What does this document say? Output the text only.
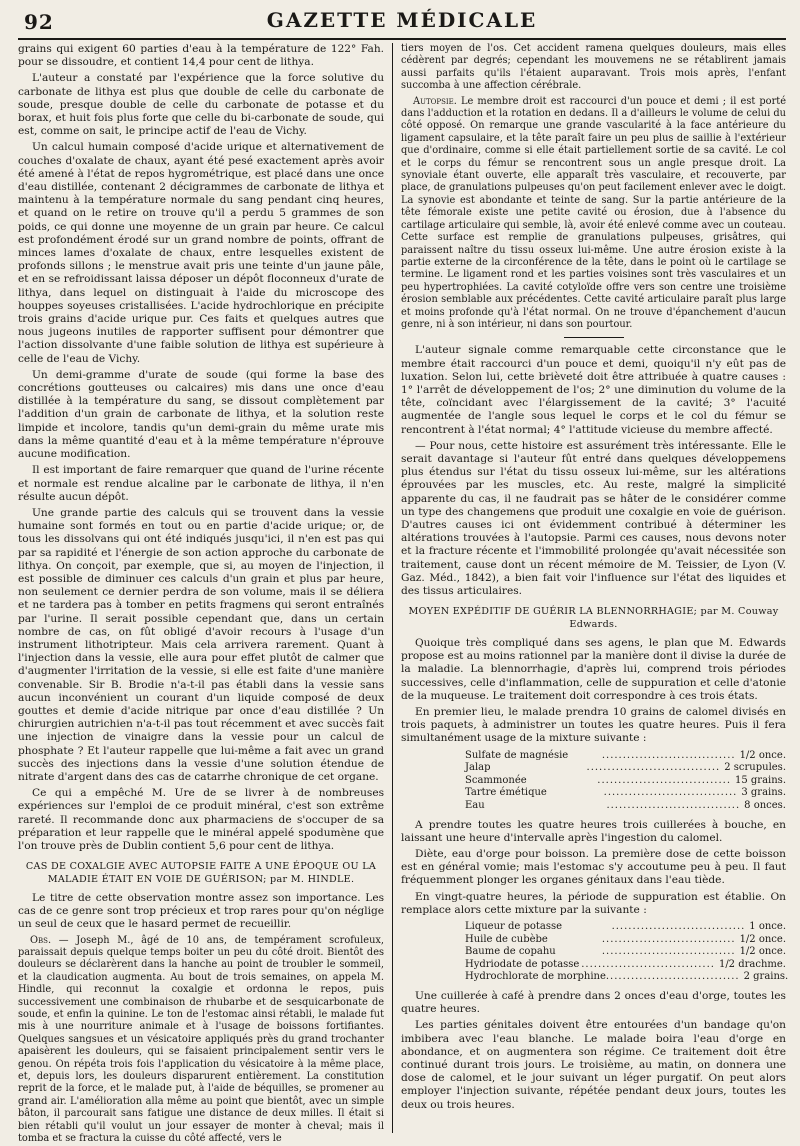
92	GAZETTE MÉDICALE

grains qui exigent 60 parties d'eau à la température de 122° Fah. pour se dissoudre, et contient 14,4 pour cent de lithya.

L'auteur a constaté par l'expérience que la force solutive du carbonate de lithya est plus que double de celle du carbonate de soude, presque double de celle du carbonate de potasse et du borax, et huit fois plus forte que celle du bi-carbonate de soude, qui est, comme on sait, le principe actif de l'eau de Vichy.

Un calcul humain composé d'acide urique et alternativement de couches d'oxalate de chaux, ayant été pesé exactement après avoir été amené à l'état de repos hygrométrique, est placé dans une once d'eau distillée, contenant 2 décigrammes de carbonate de lithya et maintenu à la température normale du sang pendant cinq heures, et quand on le retire on trouve qu'il a perdu 5 grammes de son poids, ce qui donne une moyenne de un grain par heure. Ce calcul est profondément érodé sur un grand nombre de points, offrant de minces lames d'oxalate de chaux, entre lesquelles existent de profonds sillons ; le menstrue avait pris une teinte d'un jaune pâle, et en se refroidissant laissa déposer un dépôt floconneux d'urate de lithya, dans lequel on distinguait à l'aide du microscope des houppes soyeuses cristallisées. L'acide hydrochlorique en précipite trois grains d'acide urique pur. Ces faits et quelques autres que nous jugeons inutiles de rapporter suffisent pour démontrer que l'action dissolvante d'une faible solution de lithya est supérieure à celle de l'eau de Vichy.

Un demi-gramme d'urate de soude (qui forme la base des concrétions goutteuses ou calcaires) mis dans une once d'eau distillée à la température du sang, se dissout complètement par l'addition d'un grain de carbonate de lithya, et la solution reste limpide et incolore, tandis qu'un demi-grain du même urate mis dans la même quantité d'eau et à la même température n'éprouve aucune modification.

Il est important de faire remarquer que quand de l'urine récente et normale est rendue alcaline par le carbonate de lithya, il n'en résulte aucun dépôt.

Une grande partie des calculs qui se trouvent dans la vessie humaine sont formés en tout ou en partie d'acide urique; or, de tous les dissolvans qui ont été indiqués jusqu'ici, il n'en est pas qui par sa rapidité et l'énergie de son action approche du carbonate de lithya. On conçoit, par exemple, que si, au moyen de l'injection, il est possible de diminuer ces calculs d'un grain et plus par heure, non seulement ce dernier perdra de son volume, mais il se déliera et ne tardera pas à tomber en petits fragmens qui seront entraînés par l'urine. Il serait possible cependant que, dans un certain nombre de cas, on fût obligé d'avoir recours à l'usage d'un instrument lithotripteur. Mais cela arrivera rarement. Quant à l'injection dans la vessie, elle aura pour effet plutôt de calmer que d'augmenter l'irritation de la vessie, si elle est faite d'une manière convenable. Sir B. Brodie n'a-t-il pas établi dans la vessie sans aucun inconvénient un courant d'un liquide composé de deux gouttes et demie d'acide nitrique par once d'eau distillée ? Un chirurgien autrichien n'a-t-il pas tout récemment et avec succès fait une injection de vinaigre dans la vessie pour un calcul de phosphate ? Et l'auteur rappelle que lui-même a fait avec un grand succès des injections dans la vessie d'une solution étendue de nitrate d'argent dans des cas de catarrhe chronique de cet organe.

Ce qui a empêché M. Ure de se livrer à de nombreuses expériences sur l'emploi de ce produit minéral, c'est son extrême rareté. Il recommande donc aux pharmaciens de s'occuper de sa préparation et leur rappelle que le minéral appelé spodumène que l'on trouve près de Dublin contient 5,6 pour cent de lithya.

CAS DE COXALGIE AVEC AUTOPSIE FAITE A UNE ÉPOQUE OU LA MALADIE ÉTAIT EN VOIE DE GUÉRISON; par M. HINDLE.

Le titre de cette observation montre assez son importance. Les cas de ce genre sont trop précieux et trop rares pour qu'on néglige un seul de ceux que le hasard permet de recueillir.

Obs. — Joseph M., âgé de 10 ans, de tempérament scrofuleux, paraissait depuis quelque temps boiter un peu du côté droit. Bientôt des douleurs se déclarèrent dans la hanche au point de troubler le sommeil, et la claudication augmenta. Au bout de trois semaines, on appela M. Hindle, qui reconnut la coxalgie et ordonna le repos, puis successivement une combinaison de rhubarbe et de sesquicarbonate de soude, et enfin la quinine. Le ton de l'estomac ainsi rétabli, le malade fut mis à une nourriture animale et à l'usage de boissons fortifiantes. Quelques sangsues et un vésicatoire appliqués près du grand trochanter apaisèrent les douleurs, qui se faisaient principalement sentir vers le genou. On répéta trois fois l'application du vésicatoire à la même place, et, depuis lors, les douleurs disparurent entièrement. La constitution reprit de la force, et le malade put, à l'aide de béquilles, se promener au grand air. L'amélioration alla même au point que bientôt, avec un simple bâton, il parcourait sans fatigue une distance de deux milles. Il était si bien rétabli qu'il voulut un jour essayer de monter à cheval; mais il tomba et se fractura la cuisse du côté affecté, vers le

tiers moyen de l'os. Cet accident ramena quelques douleurs, mais elles cédèrent par degrés; cependant les mouvemens ne se rétablirent jamais aussi parfaits qu'ils l'étaient auparavant. Trois mois après, l'enfant succomba à une affection cérébrale.

Autopsie. Le membre droit est raccourci d'un pouce et demi ; il est porté dans l'adduction et la rotation en dedans. Il a d'ailleurs le volume de celui du côté opposé. On remarque une grande vascularité à la face antérieure du ligament capsulaire, et la tête paraît faire un peu plus de saillie à l'extérieur que d'ordinaire, comme si elle était partiellement sortie de sa cavité. Le col et le corps du fémur se rencontrent sous un angle presque droit. La synoviale étant ouverte, elle apparaît très vasculaire, et recouverte, par place, de granulations pulpeuses qu'on peut facilement enlever avec le doigt. La synovie est abondante et teinte de sang. Sur la partie antérieure de la tête fémorale existe une petite cavité ou érosion, due à l'absence du cartilage articulaire qui semble, là, avoir été enlevé comme avec un couteau. Cette surface est remplie de granulations pulpeuses, grisâtres, qui paraissent naître du tissu osseux lui-même. Une autre érosion existe à la partie externe de la circonférence de la tête, dans le point où le cartilage se termine. Le ligament rond et les parties voisines sont très vasculaires et un peu hypertrophiées. La cavité cotyloïde offre vers son centre une troisième érosion semblable aux précédentes. Cette cavité articulaire paraît plus large et moins profonde qu'à l'état normal. On ne trouve d'épanchement d'aucun genre, ni à son intérieur, ni dans son pourtour.

L'auteur signale comme remarquable cette circonstance que le membre était raccourci d'un pouce et demi, quoiqu'il n'y eût pas de luxation. Selon lui, cette brièveté doit être attribuée à quatre causes : 1° l'arrêt de développement de l'os; 2° une diminution du volume de la tête, coïncidant avec l'élargissement de la cavité; 3° l'acuité augmentée de l'angle sous lequel le corps et le col du fémur se rencontrent à l'état normal; 4° l'attitude vicieuse du membre affecté.

— Pour nous, cette histoire est assurément très intéressante. Elle le serait davantage si l'auteur fût entré dans quelques développemens plus étendus sur l'état du tissu osseux lui-même, sur les altérations éprouvées par les muscles, etc. Au reste, malgré la simplicité apparente du cas, il ne faudrait pas se hâter de le considérer comme un type des changemens que produit une coxalgie en voie de guérison. D'autres causes ici ont évidemment contribué à déterminer les altérations trouvées à l'autopsie. Parmi ces causes, nous devons noter et la fracture récente et l'immobilité prolongée qu'avait nécessitée son traitement, cause dont un récent mémoire de M. Teissier, de Lyon (V. Gaz. Méd., 1842), a bien fait voir l'influence sur l'état des liquides et des tissus articulaires.

MOYEN EXPÉDITIF DE GUÉRIR LA BLENNORRHAGIE; par M. Couway Edwards.

Quoique très compliqué dans ses agens, le plan que M. Edwards propose est au moins rationnel par la manière dont il divise la durée de la maladie. La blennorrhagie, d'après lui, comprend trois périodes successives, celle d'inflammation, celle de suppuration et celle d'atonie de la muqueuse. Le traitement doit correspondre à ces trois états.

En premier lieu, le malade prendra 10 grains de calomel divisés en trois paquets, à administrer un toutes les quatre heures. Puis il fera simultanément usage de la mixture suivante :

Sulfate de magnésie .....	1/2 once.
Jalap .....	2 scrupules.
Scammonée .....	15 grains.
Tartre émétique .....	3 grains.
Eau .....	8 onces.

A prendre toutes les quatre heures trois cuillerées à bouche, en laissant une heure d'intervalle après l'ingestion du calomel.

Diète, eau d'orge pour boisson. La première dose de cette boisson est en général vomie; mais l'estomac s'y accoutume peu à peu. Il faut fréquemment plonger les organes génitaux dans l'eau tiède.

En vingt-quatre heures, la période de suppuration est établie. On remplace alors cette mixture par la suivante :

Liqueur de potasse .....	1 once.
Huile de cubèbe .....	1/2 once.
Baume de copahu .....	1/2 once.
Hydriodate de potasse .....	1/2 drachme.
Hydrochlorate de morphine .....	2 grains.

Une cuillerée à café à prendre dans 2 onces d'eau d'orge, toutes les quatre heures.

Les parties génitales doivent être entourées d'un bandage qu'on imbibera avec l'eau blanche. Le malade boira l'eau d'orge en abondance, et on augmentera son régime. Ce traitement doit être continué durant trois jours. Le troisième, au matin, on donnera une dose de calomel, et le jour suivant un léger purgatif. On peut alors employer l'injection suivante, répétée pendant deux jours, toutes les deux ou trois heures.
